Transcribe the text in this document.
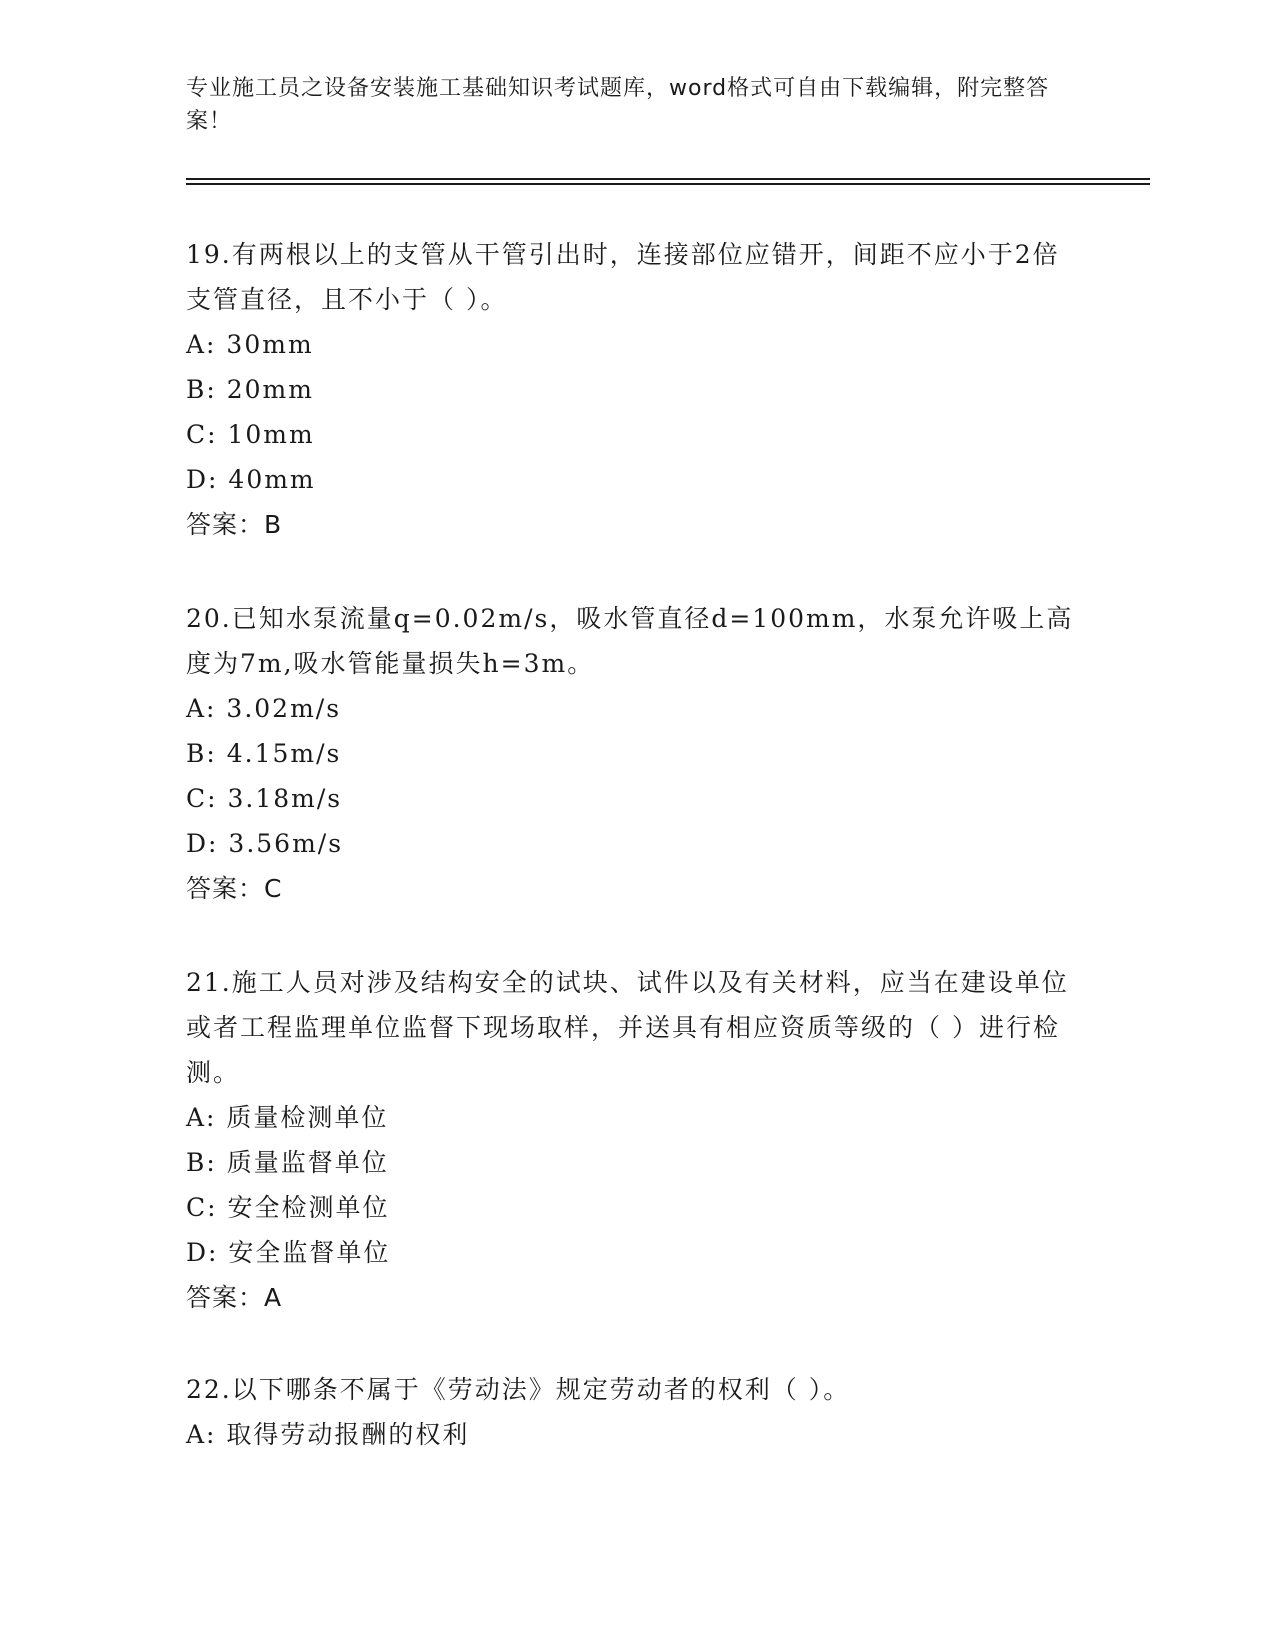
专业施工员之设备安装施工基础知识考试题库，word格式可自由下载编辑，附完整答案！
19.有两根以上的支管从干管引出时，连接部位应错开，间距不应小于2倍支管直径，且不小于（ ）。
A: 30mm
B: 20mm
C: 10mm
D: 40mm
答案：B
20.已知水泵流量q=0.02m/s，吸水管直径d=100mm，水泵允许吸上高度为7m,吸水管能量损失h=3m。
A: 3.02m/s
B: 4.15m/s
C: 3.18m/s
D: 3.56m/s
答案：C
21.施工人员对涉及结构安全的试块、试件以及有关材料，应当在建设单位或者工程监理单位监督下现场取样，并送具有相应资质等级的（ ）进行检测。
A: 质量检测单位
B: 质量监督单位
C: 安全检测单位
D: 安全监督单位
答案：A
22.以下哪条不属于《劳动法》规定劳动者的权利（ ）。
A: 取得劳动报酬的权利
